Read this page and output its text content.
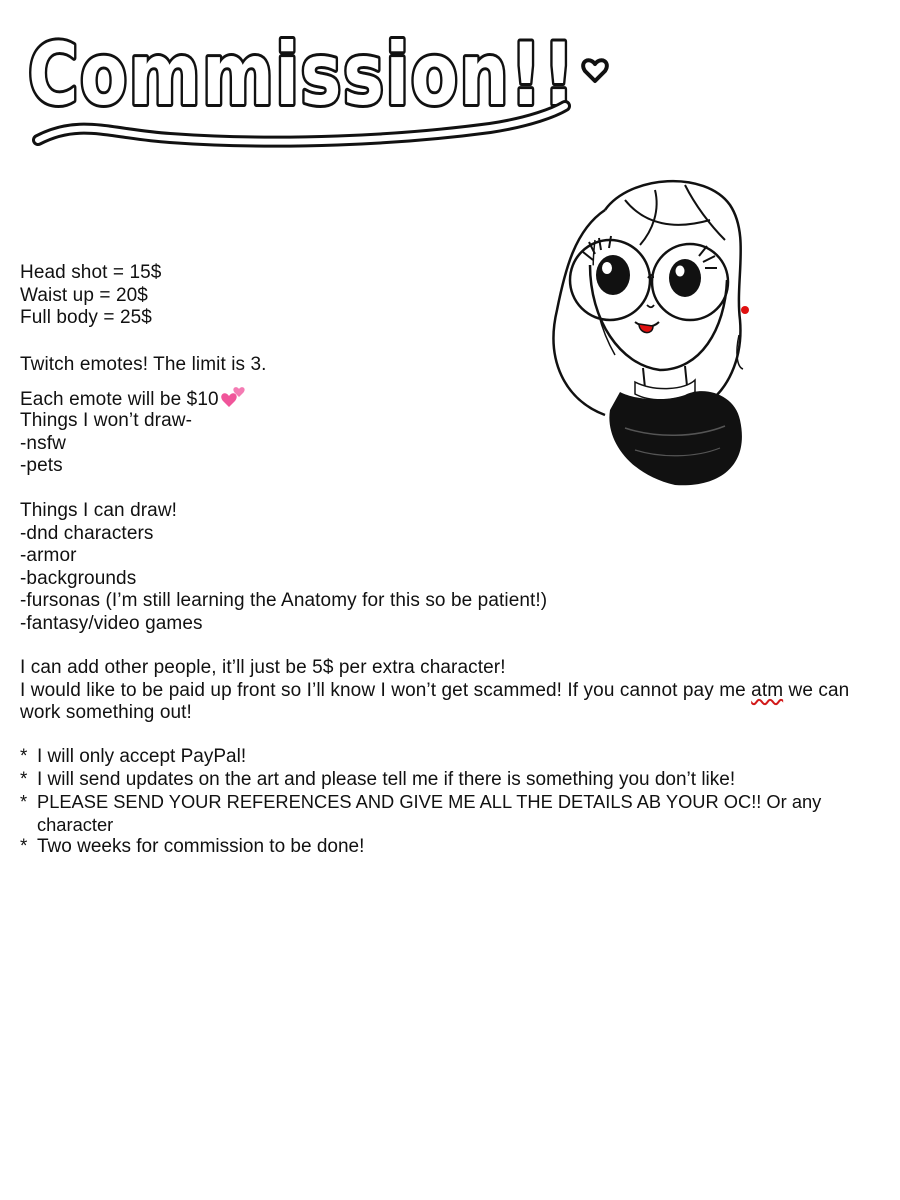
Commission!!
Head shot = 15$
Waist up = 20$
Full body = 25$
Twitch emotes! The limit is 3.
Each emote will be $10
Things I won’t draw-
-nsfw
-pets
Things I can draw!
-dnd characters
-armor
-backgrounds
-fursonas (I’m still learning the Anatomy for this so be patient!)
-fantasy/video games
I can add other people, it’ll just be 5$ per extra character!
I would like to be paid up front so I’ll know I won’t get scammed! If you cannot pay me atm we can work something out!
* I will only accept PayPal!
* I will send updates on the art and please tell me if there is something you don’t like!
* PLEASE SEND YOUR REFERENCES AND GIVE ME ALL THE DETAILS AB YOUR OC!! Or any character
* Two weeks for commission to be done!
